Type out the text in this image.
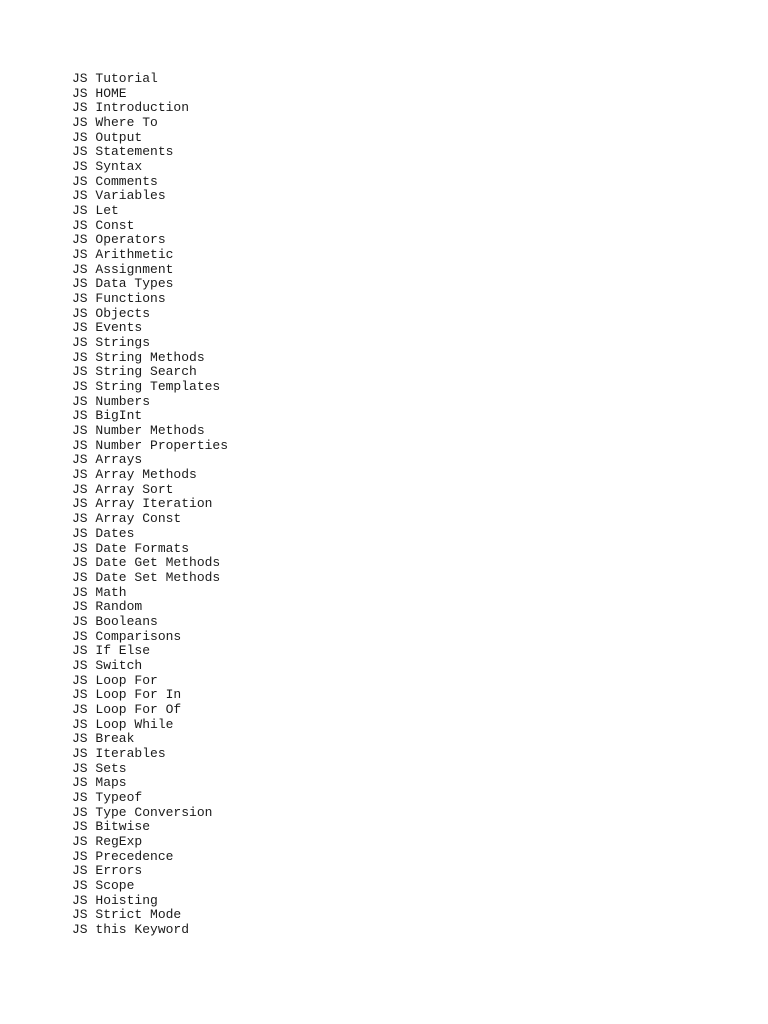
JS Tutorial
JS HOME
JS Introduction
JS Where To
JS Output
JS Statements
JS Syntax
JS Comments
JS Variables
JS Let
JS Const
JS Operators
JS Arithmetic
JS Assignment
JS Data Types
JS Functions
JS Objects
JS Events
JS Strings
JS String Methods
JS String Search
JS String Templates
JS Numbers
JS BigInt
JS Number Methods
JS Number Properties
JS Arrays
JS Array Methods
JS Array Sort
JS Array Iteration
JS Array Const
JS Dates
JS Date Formats
JS Date Get Methods
JS Date Set Methods
JS Math
JS Random
JS Booleans
JS Comparisons
JS If Else
JS Switch
JS Loop For
JS Loop For In
JS Loop For Of
JS Loop While
JS Break
JS Iterables
JS Sets
JS Maps
JS Typeof
JS Type Conversion
JS Bitwise
JS RegExp
JS Precedence
JS Errors
JS Scope
JS Hoisting
JS Strict Mode
JS this Keyword
